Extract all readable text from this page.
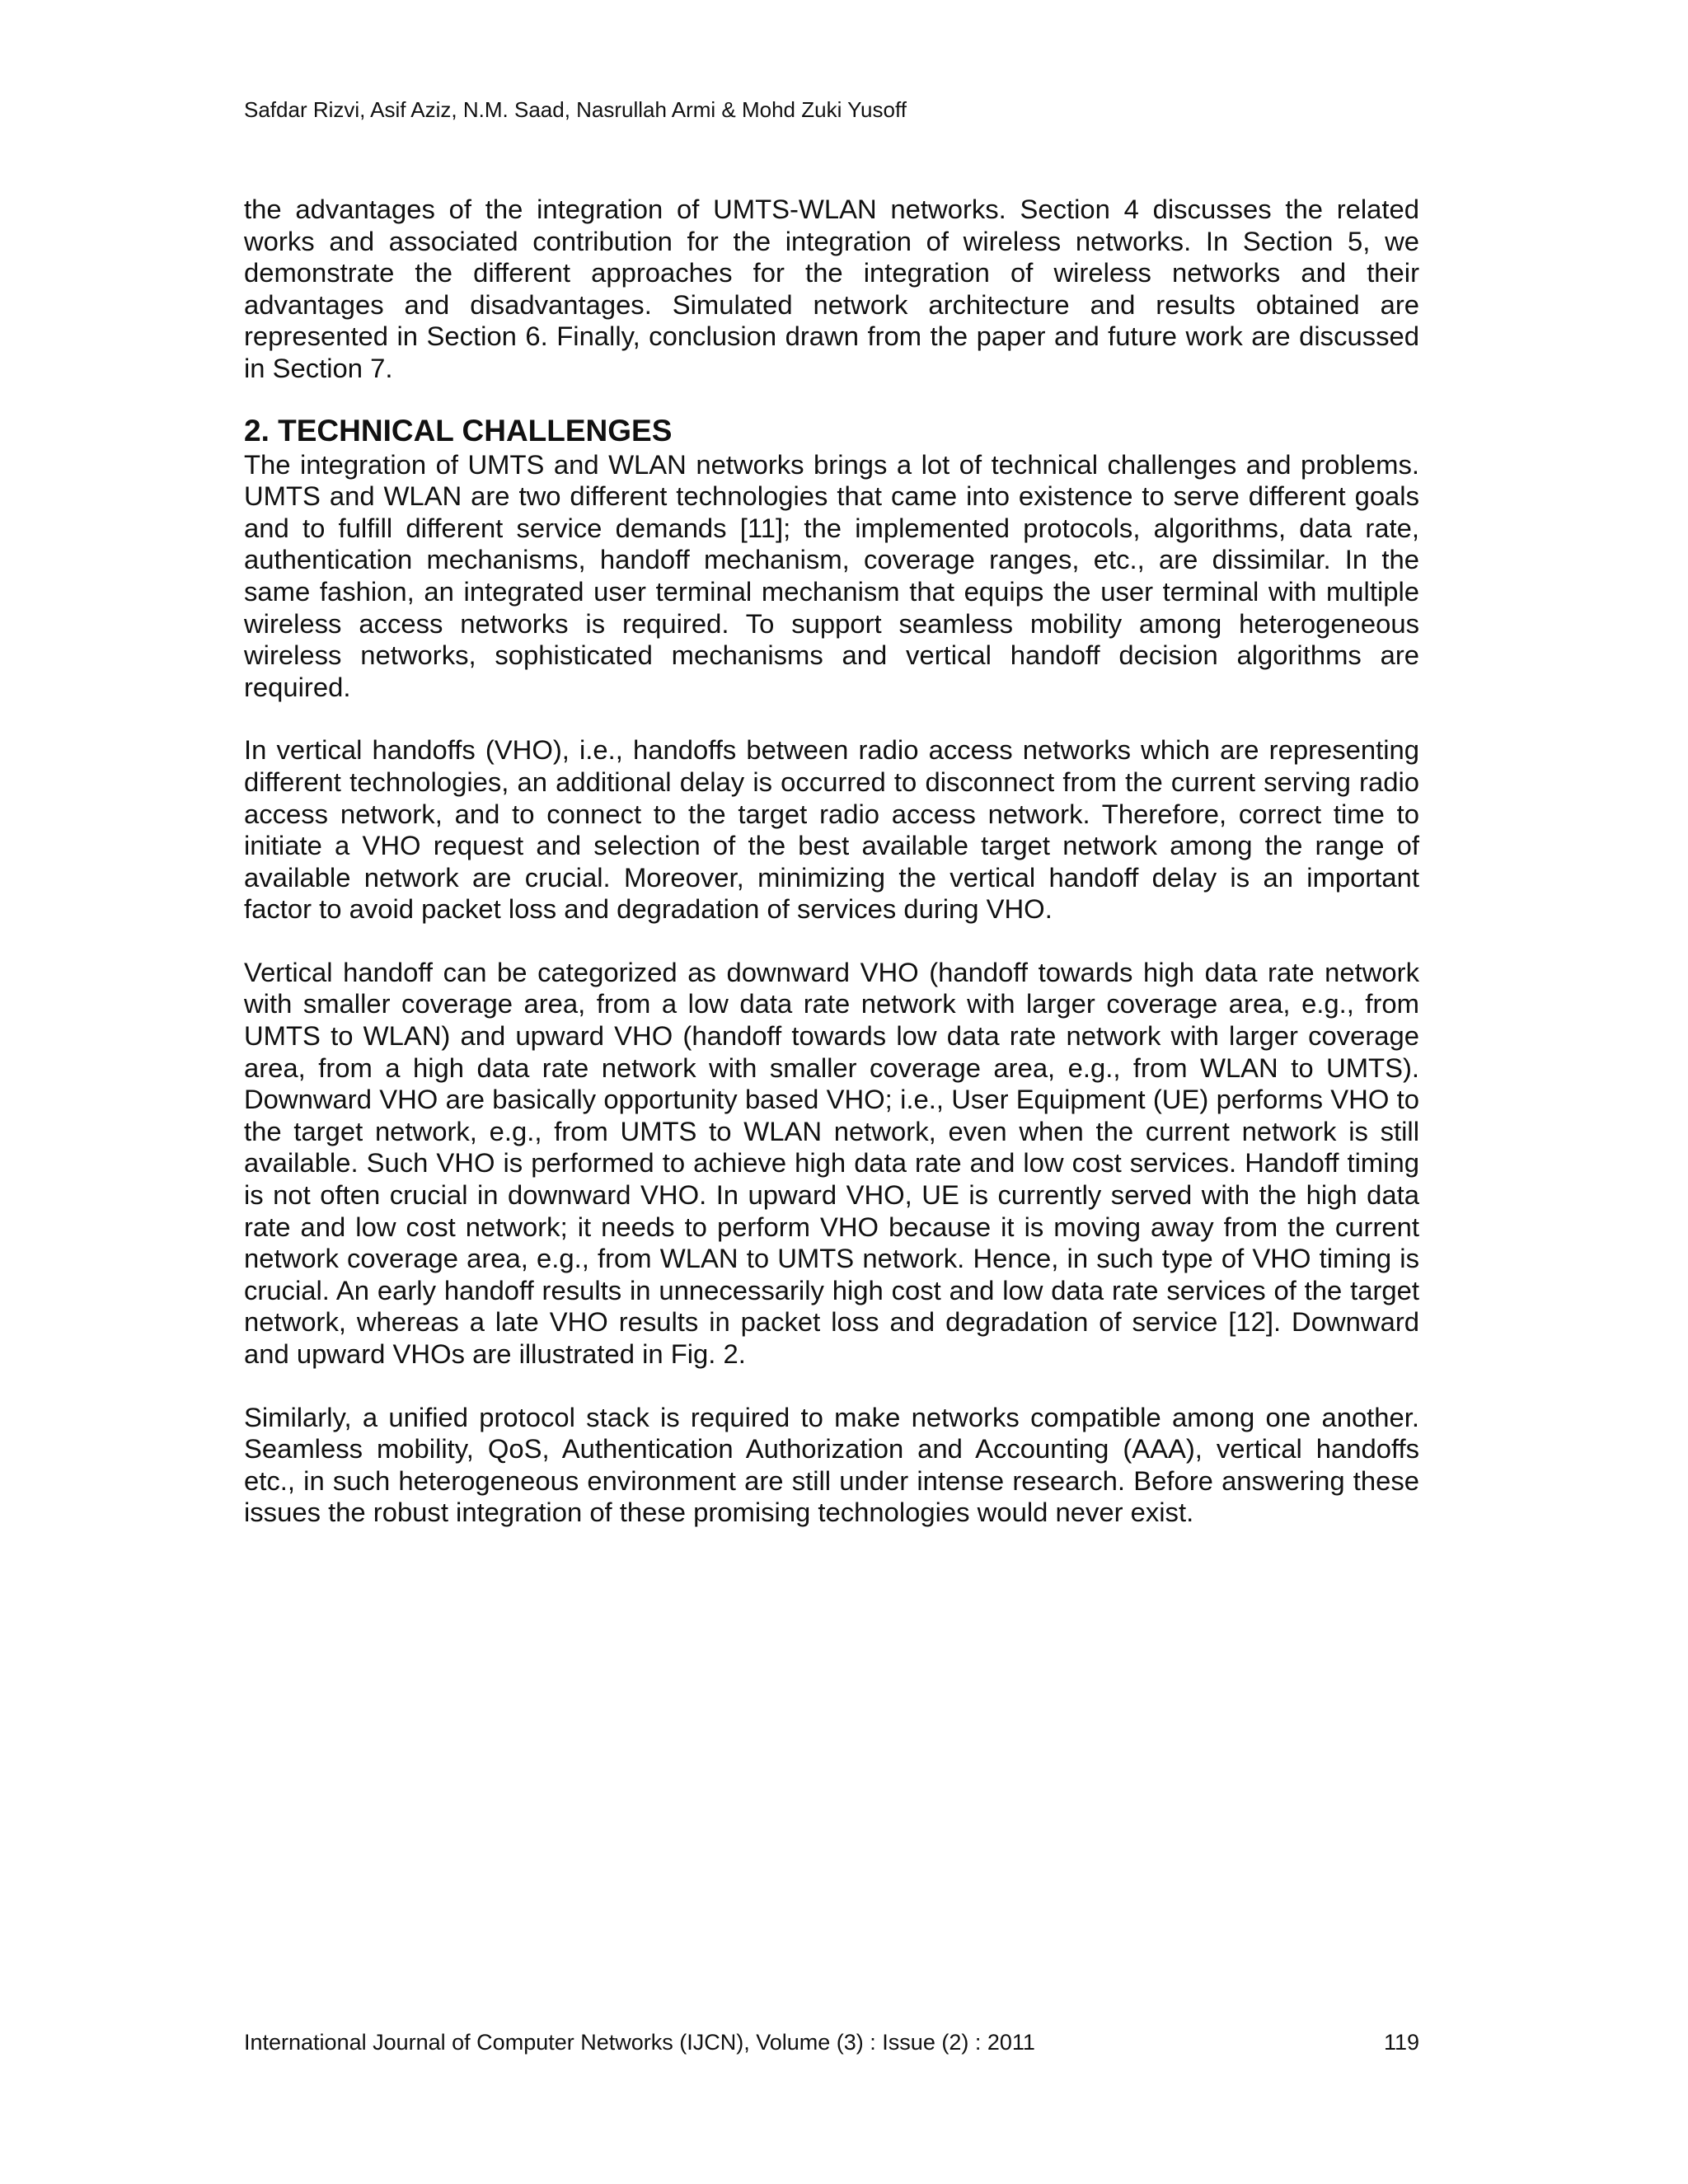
Safdar Rizvi, Asif Aziz, N.M. Saad, Nasrullah Armi & Mohd Zuki Yusoff

the advantages of the integration of UMTS-WLAN networks. Section 4 discusses the related works and associated contribution for the integration of wireless networks. In Section 5, we demonstrate the different approaches for the integration of wireless networks and their advantages and disadvantages. Simulated network architecture and results obtained are represented in Section 6. Finally, conclusion drawn from the paper and future work are discussed in Section 7.

2. TECHNICAL CHALLENGES

The integration of UMTS and WLAN networks brings a lot of technical challenges and problems. UMTS and WLAN are two different technologies that came into existence to serve different goals and to fulfill different service demands [11]; the implemented protocols, algorithms, data rate, authentication mechanisms, handoff mechanism, coverage ranges, etc., are dissimilar. In the same fashion, an integrated user terminal mechanism that equips the user terminal with multiple wireless access networks is required. To support seamless mobility among heterogeneous wireless networks, sophisticated mechanisms and vertical handoff decision algorithms are required.

In vertical handoffs (VHO), i.e., handoffs between radio access networks which are representing different technologies, an additional delay is occurred to disconnect from the current serving radio access network, and to connect to the target radio access network. Therefore, correct time to initiate a VHO request and selection of the best available target network among the range of available network are crucial. Moreover, minimizing the vertical handoff delay is an important factor to avoid packet loss and degradation of services during VHO.

Vertical handoff can be categorized as downward VHO (handoff towards high data rate network with smaller coverage area, from a low data rate network with larger coverage area, e.g., from UMTS to WLAN) and upward VHO (handoff towards low data rate network with larger coverage area, from a high data rate network with smaller coverage area, e.g., from WLAN to UMTS). Downward VHO are basically opportunity based VHO; i.e., User Equipment (UE) performs VHO to the target network, e.g., from UMTS to WLAN network, even when the current network is still available. Such VHO is performed to achieve high data rate and low cost services. Handoff timing is not often crucial in downward VHO. In upward VHO, UE is currently served with the high data rate and low cost network; it needs to perform VHO because it is moving away from the current network coverage area, e.g., from WLAN to UMTS network. Hence, in such type of VHO timing is crucial. An early handoff results in unnecessarily high cost and low data rate services of the target network, whereas a late VHO results in packet loss and degradation of service [12]. Downward and upward VHOs are illustrated in Fig. 2.

Similarly, a unified protocol stack is required to make networks compatible among one another. Seamless mobility, QoS, Authentication Authorization and Accounting (AAA), vertical handoffs etc., in such heterogeneous environment are still under intense research. Before answering these issues the robust integration of these promising technologies would never exist.

International Journal of Computer Networks (IJCN), Volume (3) : Issue (2) : 2011	119
